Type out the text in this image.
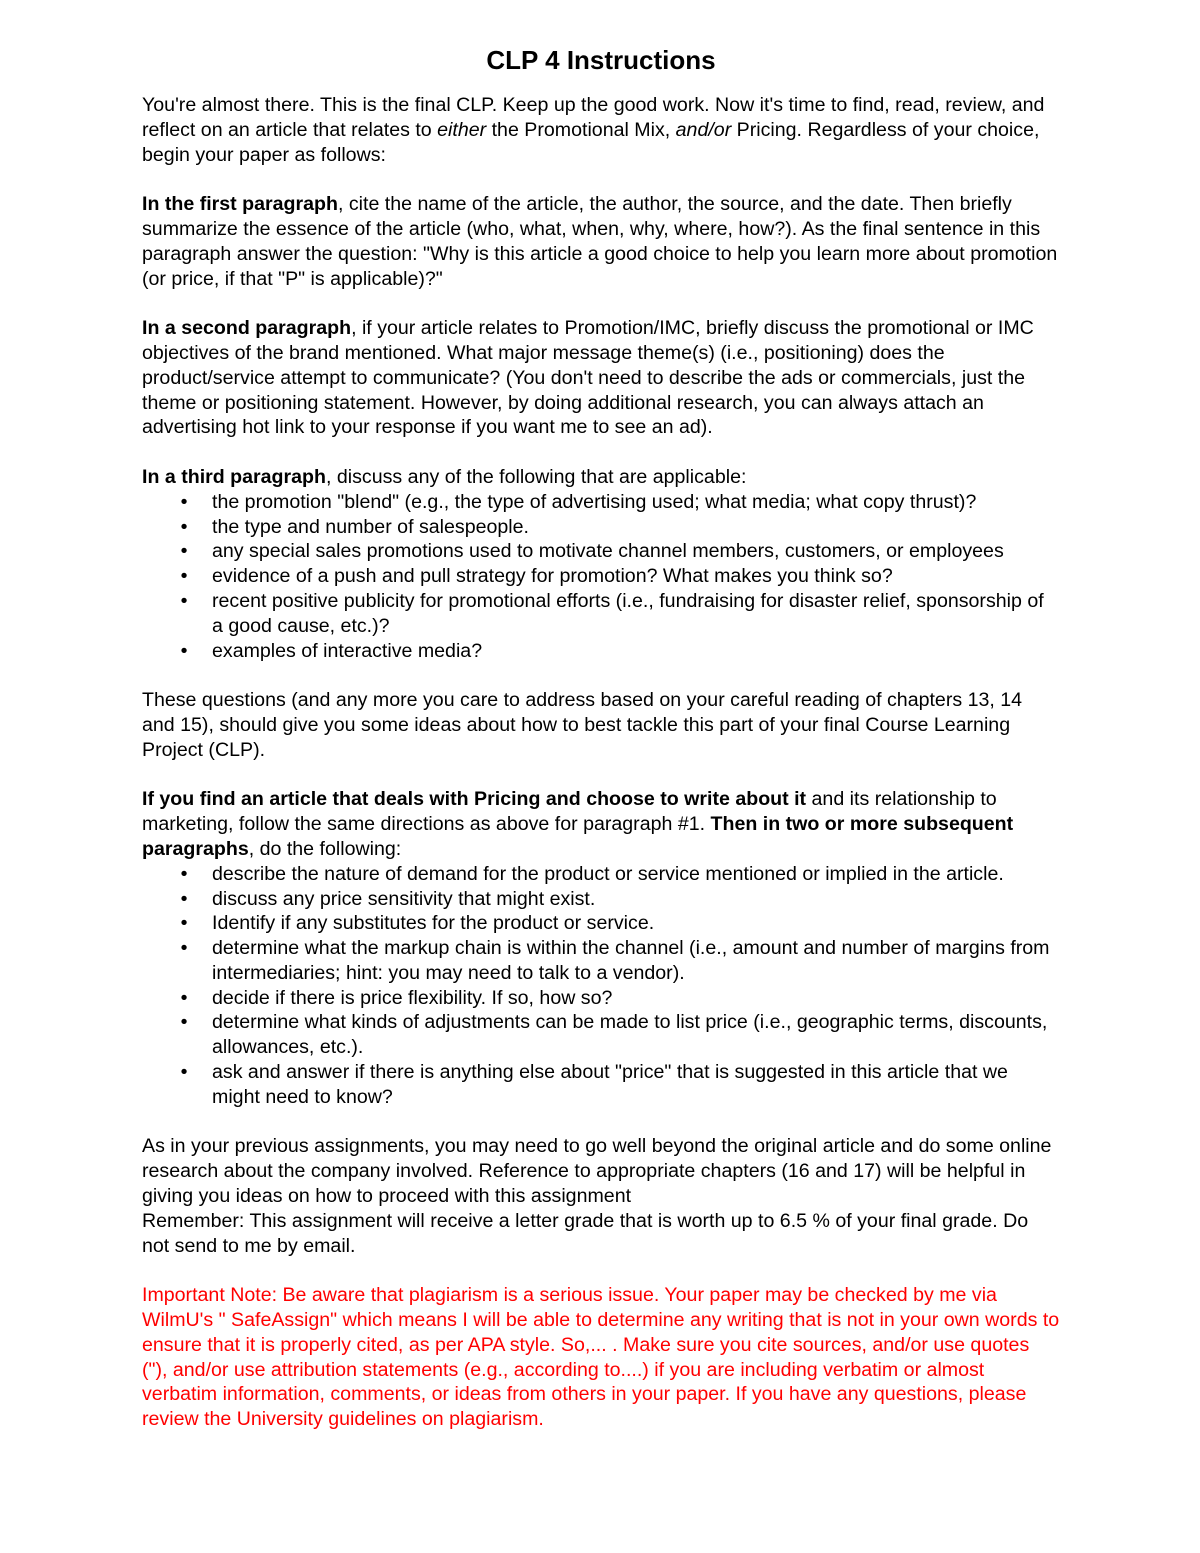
CLP 4 Instructions

You're almost there. This is the final CLP. Keep up the good work. Now it's time to find, read, review, and reflect on an article that relates to either the Promotional Mix, and/or Pricing. Regardless of your choice, begin your paper as follows:

In the first paragraph, cite the name of the article, the author, the source, and the date. Then briefly summarize the essence of the article (who, what, when, why, where, how?). As the final sentence in this paragraph answer the question: "Why is this article a good choice to help you learn more about promotion (or price, if that "P" is applicable)?"

In a second paragraph, if your article relates to Promotion/IMC, briefly discuss the promotional or IMC objectives of the brand mentioned. What major message theme(s) (i.e., positioning) does the product/service attempt to communicate? (You don't need to describe the ads or commercials, just the theme or positioning statement. However, by doing additional research, you can always attach an advertising hot link to your response if you want me to see an ad).

In a third paragraph, discuss any of the following that are applicable:

•	the promotion "blend" (e.g., the type of advertising used; what media; what copy thrust)?
•	the type and number of salespeople.
•	any special sales promotions used to motivate channel members, customers, or employees
•	evidence of a push and pull strategy for promotion? What makes you think so?
•	recent positive publicity for promotional efforts (i.e., fundraising for disaster relief, sponsorship of a good cause, etc.)?
•	examples of interactive media?

These questions (and any more you care to address based on your careful reading of chapters 13, 14 and 15), should give you some ideas about how to best tackle this part of your final Course Learning Project (CLP).

If you find an article that deals with Pricing and choose to write about it and its relationship to marketing, follow the same directions as above for paragraph #1. Then in two or more subsequent paragraphs, do the following:

•	describe the nature of demand for the product or service mentioned or implied in the article.
•	discuss any price sensitivity that might exist.
•	Identify if any substitutes for the product or service.
•	determine what the markup chain is within the channel (i.e., amount and number of margins from intermediaries; hint: you may need to talk to a vendor).
•	decide if there is price flexibility. If so, how so?
•	determine what kinds of adjustments can be made to list price (i.e., geographic terms, discounts, allowances, etc.).
•	ask and answer if there is anything else about "price" that is suggested in this article that we might need to know?

As in your previous assignments, you may need to go well beyond the original article and do some online research about the company involved. Reference to appropriate chapters (16 and 17) will be helpful in giving you ideas on how to proceed with this assignment

Remember: This assignment will receive a letter grade that is worth up to 6.5 % of your final grade. Do not send to me by email.

Important Note: Be aware that plagiarism is a serious issue. Your paper may be checked by me via WilmU's " SafeAssign" which means I will be able to determine any writing that is not in your own words to ensure that it is properly cited, as per APA style. So,... . Make sure you cite sources, and/or use quotes ("), and/or use attribution statements (e.g., according to....) if you are including verbatim or almost verbatim information, comments, or ideas from others in your paper. If you have any questions, please review the University guidelines on plagiarism.
